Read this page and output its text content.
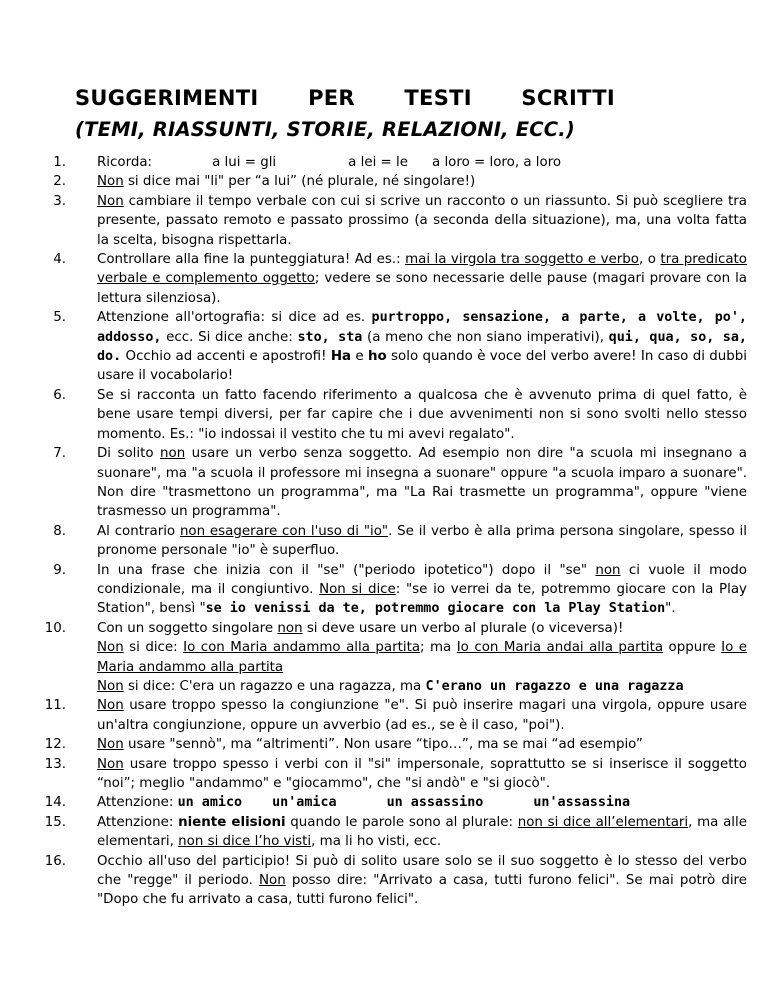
SUGGERIMENTI PER TESTI SCRITTI
(TEMI, RIASSUNTI, STORIE, RELAZIONI, ECC.)
1. Ricorda:	a lui = gli	a lei = le a loro = loro, a loro
2. Non si dice mai "li" per “a lui” (né plurale, né singolare!)
3. Non cambiare il tempo verbale con cui si scrive un racconto o un riassunto. Si può scegliere tra presente, passato remoto e passato prossimo (a seconda della situazione), ma, una volta fatta la scelta, bisogna rispettarla.
4. Controllare alla fine la punteggiatura! Ad es.: mai la virgola tra soggetto e verbo, o tra predicato verbale e complemento oggetto; vedere se sono necessarie delle pause (magari provare con la lettura silenziosa).
5. Attenzione all'ortografia: si dice ad es. purtroppo, sensazione, a parte, a volte, po', addosso, ecc. Si dice anche: sto, sta (a meno che non siano imperativi), qui, qua, so, sa, do. Occhio ad accenti e apostrofi! Ha e ho solo quando è voce del verbo avere! In caso di dubbi usare il vocabolario!
6. Se si racconta un fatto facendo riferimento a qualcosa che è avvenuto prima di quel fatto, è bene usare tempi diversi, per far capire che i due avvenimenti non si sono svolti nello stesso momento. Es.: "io indossai il vestito che tu mi avevi regalato".
7. Di solito non usare un verbo senza soggetto. Ad esempio non dire "a scuola mi insegnano a suonare", ma "a scuola il professore mi insegna a suonare" oppure "a scuola imparo a suonare". Non dire "trasmettono un programma", ma "La Rai trasmette un programma", oppure "viene trasmesso un programma".
8. Al contrario non esagerare con l'uso di "io". Se il verbo è alla prima persona singolare, spesso il pronome personale "io" è superfluo.
9. In una frase che inizia con il "se" ("periodo ipotetico") dopo il "se" non ci vuole il modo condizionale, ma il congiuntivo. Non si dice: "se io verrei da te, potremmo giocare con la Play Station", bensì "se io venissi da te, potremmo giocare con la Play Station".
10. Con un soggetto singolare non si deve usare un verbo al plurale (o viceversa)!
Non si dice: Io con Maria andammo alla partita; ma Io con Maria andai alla partita oppure Io e Maria andammo alla partita
Non si dice: C'era un ragazzo e una ragazza, ma C'erano un ragazzo e una ragazza
11. Non usare troppo spesso la congiunzione "e". Si può inserire magari una virgola, oppure usare un'altra congiunzione, oppure un avverbio (ad es., se è il caso, "poi").
12. Non usare "sennò", ma “altrimenti”. Non usare “tipo…”, ma se mai “ad esempio”
13. Non usare troppo spesso i verbi con il "si" impersonale, soprattutto se si inserisce il soggetto “noi”; meglio "andammo" e "giocammo", che "si andò" e "si giocò".
14. Attenzione: un amico un'amica	un assassino	un'assassina
15. Attenzione: niente elisioni quando le parole sono al plurale: non si dice all’elementari, ma alle elementari, non si dice l’ho visti, ma li ho visti, ecc.
16. Occhio all'uso del participio! Si può di solito usare solo se il suo soggetto è lo stesso del verbo che "regge" il periodo. Non posso dire: "Arrivato a casa, tutti furono felici". Se mai potrò dire "Dopo che fu arrivato a casa, tutti furono felici".
